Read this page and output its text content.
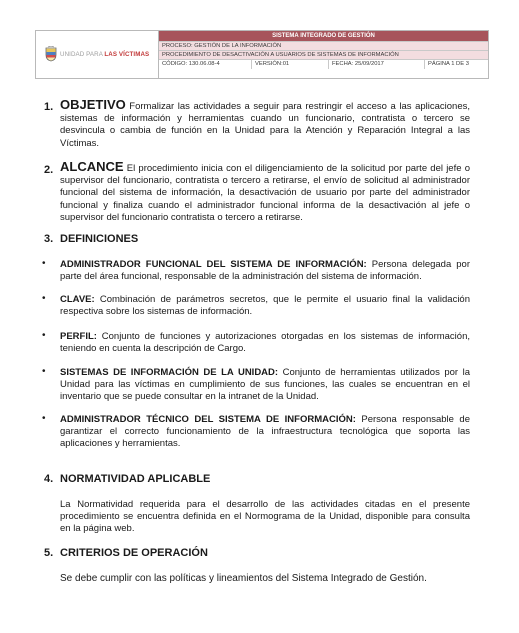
UNIDAD PARA LAS VÍCTIMAS
SISTEMA INTEGRADO DE GESTIÓN
PROCESO: GESTIÓN DE LA INFORMACIÓN
PROCEDIMIENTO DE DESACTIVACIÓN A USUARIOS DE SISTEMAS DE INFORMACIÓN
CÓDIGO: 130.06.08-4	VERSIÓN:01	FECHA: 25/09/2017	PÁGINA 1 DE 3
1. OBJETIVO Formalizar las actividades a seguir para restringir el acceso a las aplicaciones, sistemas de información y herramientas cuando un funcionario, contratista o tercero se desvincula o cambia de función en la Unidad para la Atención y Reparación Integral a las Víctimas.
2. ALCANCE El procedimiento inicia con el diligenciamiento de la solicitud por parte del jefe o supervisor del funcionario, contratista o tercero a retirarse, el envío de solicitud al administrador funcional del sistema de información, la desactivación de usuario por parte del administrador funcional y finaliza cuando el administrador funcional informa de la desactivación al jefe o supervisor del funcionario contratista o tercero a retirarse.
3. DEFINICIONES
• ADMINISTRADOR FUNCIONAL DEL SISTEMA DE INFORMACIÓN: Persona delegada por parte del área funcional, responsable de la administración del sistema de información.
• CLAVE: Combinación de parámetros secretos, que le permite el usuario final la validación respectiva sobre los sistemas de información.
• PERFIL: Conjunto de funciones y autorizaciones otorgadas en los sistemas de información, teniendo en cuenta la descripción de Cargo.
• SISTEMAS DE INFORMACIÓN DE LA UNIDAD: Conjunto de herramientas utilizados por la Unidad para las víctimas en cumplimiento de sus funciones, las cuales se encuentran en el inventario que se puede consultar en la intranet de la Unidad.
• ADMINISTRADOR TÉCNICO DEL SISTEMA DE INFORMACIÓN: Persona responsable de garantizar el correcto funcionamiento de la infraestructura tecnológica que soporta las aplicaciones y herramientas.
4. NORMATIVIDAD APLICABLE
La Normatividad requerida para el desarrollo de las actividades citadas en el presente procedimiento se encuentra definida en el Normograma de la Unidad, disponible para consulta en la página web.
5. CRITERIOS DE OPERACIÓN
Se debe cumplir con las políticas y lineamientos del Sistema Integrado de Gestión.
